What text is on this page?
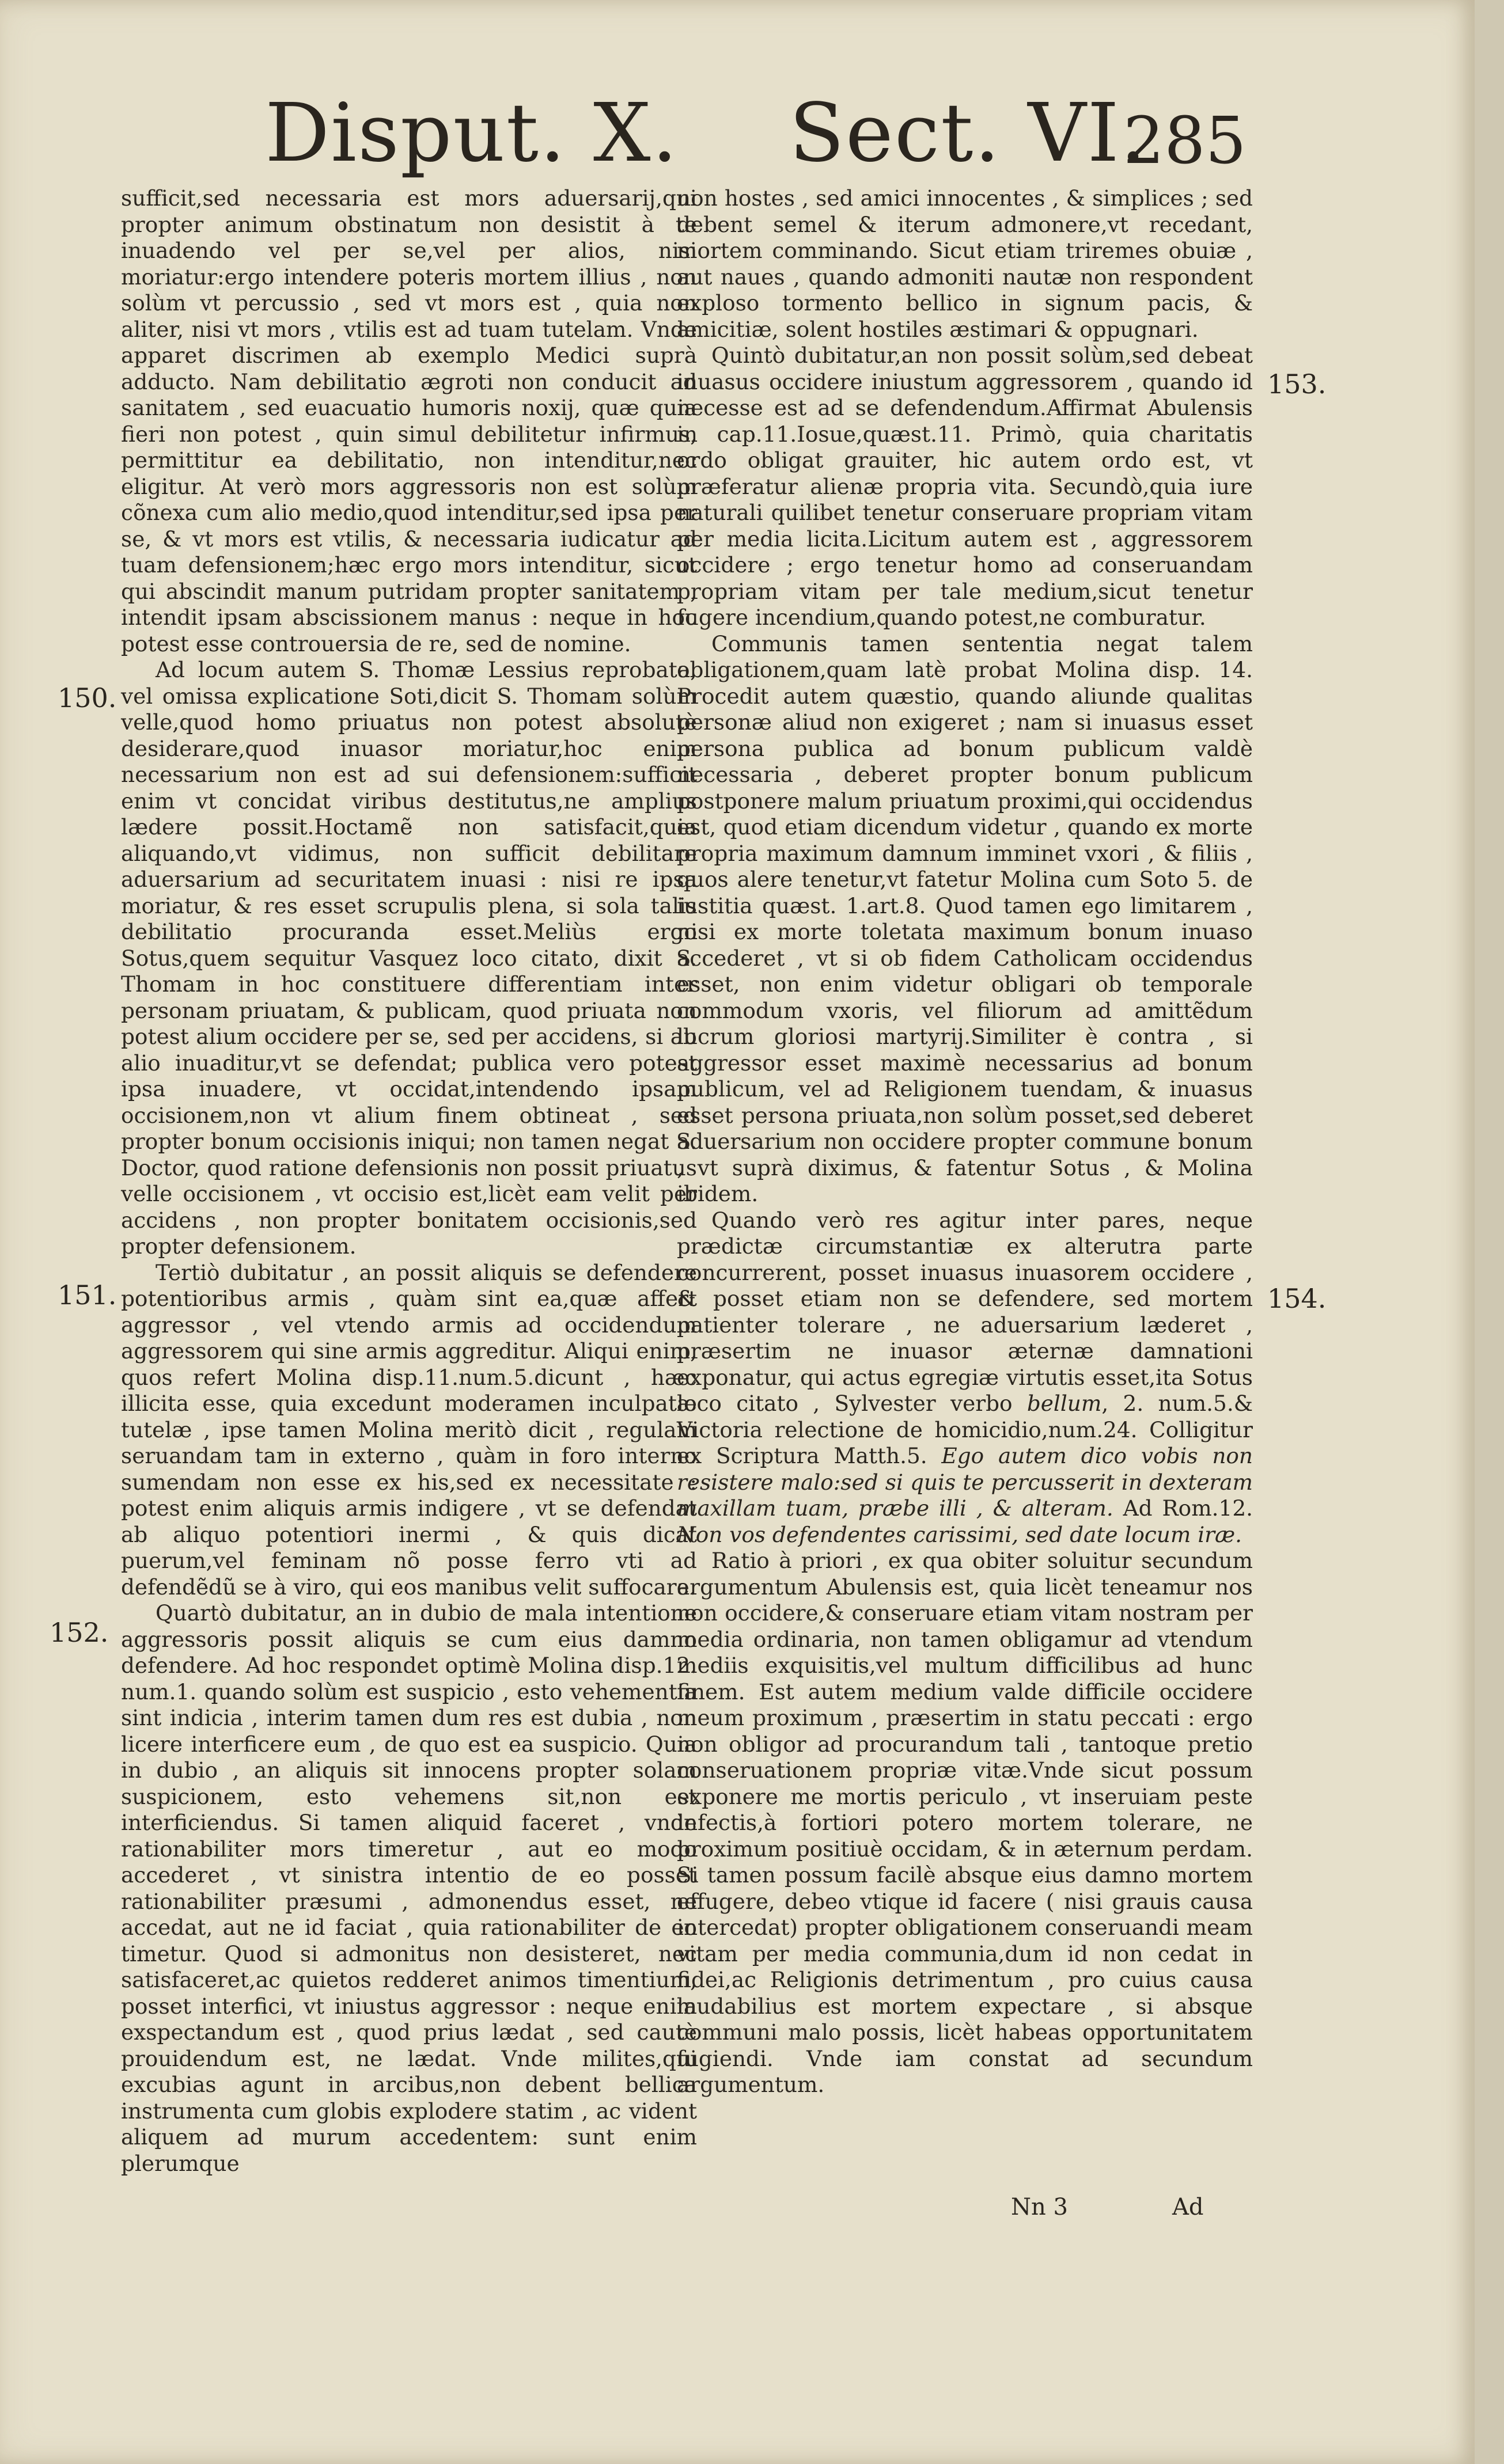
Disput. X. Sect. VI.
285
150.
151.
152.
153.
154.

sufficit,sed necessaria est mors aduersarij,qui propter animum obstinatum non desistit à te inuadendo vel per se,vel per alios, nisi moriatur:ergo intendere poteris mortem illius , non solùm vt percussio , sed vt mors est , quia non aliter, nisi vt mors , vtilis est ad tuam tutelam. Vnde apparet discrimen ab exemplo Medici suprà adducto. Nam debilitatio ægroti non conducit ad sanitatem , sed euacuatio humoris noxij, quæ quia fieri non potest , quin simul debilitetur infirmus, permittitur ea debilitatio, non intenditur,nec eligitur. At verò mors aggressoris non est solùm cõnexa cum alio medio,quod intenditur,sed ipsa per se, & vt mors est vtilis, & necessaria iudicatur ad tuam defensionem;hæc ergo mors intenditur, sicut qui abscindit manum putridam propter sanitatem , intendit ipsam abscissionem manus : neque in hoc potest esse controuersia de re, sed de nomine.

Ad locum autem S. Thomæ Lessius reprobata, vel omissa explicatione Soti,dicit S. Thomam solùm velle,quod homo priuatus non potest absolutè desiderare,quod inuasor moriatur,hoc enim necessarium non est ad sui defensionem:sufficit enim vt concidat viribus destitutus,ne amplius lædere possit.Hoctamẽ non satisfacit,quia aliquando,vt vidimus, non sufficit debilitare aduersarium ad securitatem inuasi : nisi re ipsa moriatur, & res esset scrupulis plena, si sola talis debilitatio procuranda esset.Meliùs ergo Sotus,quem sequitur Vasquez loco citato, dixit S. Thomam in hoc constituere differentiam inter personam priuatam, & publicam, quod priuata non potest alium occidere per se, sed per accidens, si ab alio inuaditur,vt se defendat; publica vero potest ipsa inuadere, vt occidat,intendendo ipsam occisionem,non vt alium finem obtineat , sed propter bonum occisionis iniqui; non tamen negat S. Doctor, quod ratione defensionis non possit priuatus velle occisionem , vt occisio est,licèt eam velit per accidens , non propter bonitatem occisionis,sed propter defensionem.

Tertiò dubitatur , an possit aliquis se defendere potentioribus armis , quàm sint ea,quæ affert aggressor , vel vtendo armis ad occidendum aggressorem qui sine armis aggreditur. Aliqui enim, quos refert Molina disp.11.num.5.dicunt , hæc illicita esse, quia excedunt moderamen inculpatæ tutelæ , ipse tamen Molina meritò dicit , regulam seruandam tam in externo , quàm in foro interno sumendam non esse ex his,sed ex necessitate : potest enim aliquis armis indigere , vt se defendat ab aliquo potentiori inermi , & quis dicat puerum,vel feminam nõ posse ferro vti ad defendẽdũ se à viro, qui eos manibus velit suffocare.

Quartò dubitatur, an in dubio de mala intentione aggressoris possit aliquis se cum eius damno defendere. Ad hoc respondet optimè Molina disp.12. num.1. quando solùm est suspicio , esto vehementia sint indicia , interim tamen dum res est dubia , non licere interficere eum , de quo est ea suspicio. Quia in dubio , an aliquis sit innocens propter solam suspicionem, esto vehemens sit,non est interficiendus. Si tamen aliquid faceret , vnde rationabiliter mors timeretur , aut eo modo accederet , vt sinistra intentio de eo posset rationabiliter præsumi , admonendus esset, ne accedat, aut ne id faciat , quia rationabiliter de eo timetur. Quod si admonitus non desisteret, nec satisfaceret,ac quietos redderet animos timentium, posset interfici, vt iniustus aggressor : neque enim exspectandum est , quod prius lædat , sed cautè prouidendum est, ne lædat. Vnde milites,qui excubias agunt in arcibus,non debent bellica instrumenta cum globis explodere statim , ac vident aliquem ad murum accedentem: sunt enim plerumque

non hostes , sed amici innocentes , & simplices ; sed debent semel & iterum admonere,vt recedant, mortem comminando. Sicut etiam triremes obuiæ , aut naues , quando admoniti nautæ non respondent exploso tormento bellico in signum pacis, & amicitiæ, solent hostiles æstimari & oppugnari.

Quintò dubitatur,an non possit solùm,sed debeat inuasus occidere iniustum aggressorem , quando id necesse est ad se defendendum.Affirmat Abulensis in cap.11.Iosue,quæst.11. Primò, quia charitatis ordo obligat grauiter, hic autem ordo est, vt præferatur alienæ propria vita. Secundò,quia iure naturali quilibet tenetur conseruare propriam vitam per media licita.Licitum autem est , aggressorem occidere ; ergo tenetur homo ad conseruandam propriam vitam per tale medium,sicut tenetur fugere incendium,quando potest,ne comburatur.

Communis tamen sententia negat talem obligationem,quam latè probat Molina disp. 14. Procedit autem quæstio, quando aliunde qualitas personæ aliud non exigeret ; nam si inuasus esset persona publica ad bonum publicum valdè necessaria , deberet propter bonum publicum postponere malum priuatum proximi,qui occidendus est, quod etiam dicendum videtur , quando ex morte propria maximum damnum imminet vxori , & filiis , quos alere tenetur,vt fatetur Molina cum Soto 5. de iustitia quæst. 1.art.8. Quod tamen ego limitarem , nisi ex morte toletata maximum bonum inuaso accederet , vt si ob fidem Catholicam occidendus esset, non enim videtur obligari ob temporale commodum vxoris, vel filiorum ad amittẽdum lucrum gloriosi martyrij.Similiter è contra , si aggressor esset maximè necessarius ad bonum publicum, vel ad Religionem tuendam, & inuasus esset persona priuata,non solùm posset,sed deberet aduersarium non occidere propter commune bonum , vt suprà diximus, & fatentur Sotus , & Molina ibidem.

Quando verò res agitur inter pares, neque prædictæ circumstantiæ ex alterutra parte concurrerent, posset inuasus inuasorem occidere , & posset etiam non se defendere, sed mortem patienter tolerare , ne aduersarium læderet , præsertim ne inuasor æternæ damnationi exponatur, qui actus egregiæ virtutis esset,ita Sotus loco citato , Sylvester verbo bellum, 2. num.5.& Victoria relectione de homicidio,num.24. Colligitur ex Scriptura Matth.5. Ego autem dico vobis non resistere malo:sed si quis te percusserit in dexteram maxillam tuam, præbe illi , & alteram. Ad Rom.12. Non vos defendentes carissimi, sed date locum iræ.

Ratio à priori , ex qua obiter soluitur secundum argumentum Abulensis est, quia licèt teneamur nos non occidere,& conseruare etiam vitam nostram per media ordinaria, non tamen obligamur ad vtendum mediis exquisitis,vel multum difficilibus ad hunc finem. Est autem medium valde difficile occidere meum proximum , præsertim in statu peccati : ergo non obligor ad procurandum tali , tantoque pretio conseruationem propriæ vitæ.Vnde sicut possum exponere me mortis periculo , vt inseruiam peste infectis,à fortiori potero mortem tolerare, ne proximum positiuè occidam, & in æternum perdam. Si tamen possum facilè absque eius damno mortem effugere, debeo vtique id facere ( nisi grauis causa intercedat) propter obligationem conseruandi meam vitam per media communia,dum id non cedat in fidei,ac Religionis detrimentum , pro cuius causa laudabilius est mortem expectare , si absque communi malo possis, licèt habeas opportunitatem fugiendi. Vnde iam constat ad secundum argumentum.

Nn 3	Ad
